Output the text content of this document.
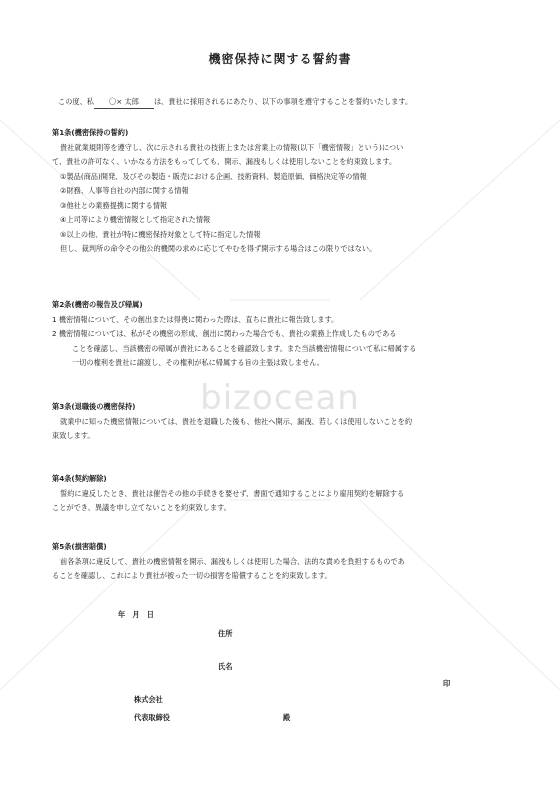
bizocean
機密保持に関する誓約書
この度、私 〇× 太郎 は、貴社に採用されるにあたり、以下の事項を遵守することを誓約いたします。
第1条(機密保持の誓約)
貴社就業規則等を遵守し、次に示される貴社の技術上または営業上の情報(以下「機密情報」という)につい
て、貴社の許可なく、いかなる方法をもってしても、開示、漏洩もしくは使用しないことを約束致します。
①製品(商品)開発、及びその製造・販売における企画、技術資料、製造原価、価格決定等の情報
②財務、人事等自社の内部に関する情報
③他社との業務提携に関する情報
④上司等により機密情報として指定された情報
⑤以上の他、貴社が特に機密保持対象として特に指定した情報
但し、裁判所の命令その他公的機関の求めに応じてやむを得ず開示する場合はこの限りではない。
第2条(機密の報告及び帰属)
1 機密情報について、その創出または得喪に関わった際は、直ちに貴社に報告致します。
2 機密情報については、私がその機密の形成、創出に関わった場合でも、貴社の業務上作成したものである
ことを確認し、当該機密の帰属が貴社にあることを確認致します。また当該機密情報について私に帰属する
一切の権利を貴社に譲渡し、その権利が私に帰属する旨の主張は致しません。
第3条(退職後の機密保持)
就業中に知った機密情報については、貴社を退職した後も、他社へ開示、漏洩、若しくは使用しないことを約
束致します。
第4条(契約解除)
誓約に違反したとき、貴社は催告その他の手続きを要せず、書面で通知することにより雇用契約を解除する
ことができ、異議を申し立てないことを約束致します。
第5条(損害賠償)
前各条項に違反して、貴社の機密情報を開示、漏洩もしくは使用した場合、法的な責めを負担するものであ
ることを確認し、これにより貴社が被った一切の損害を賠償することを約束致します。
年　月　日
住所
氏名
印
株式会社
代表取締役	殿
